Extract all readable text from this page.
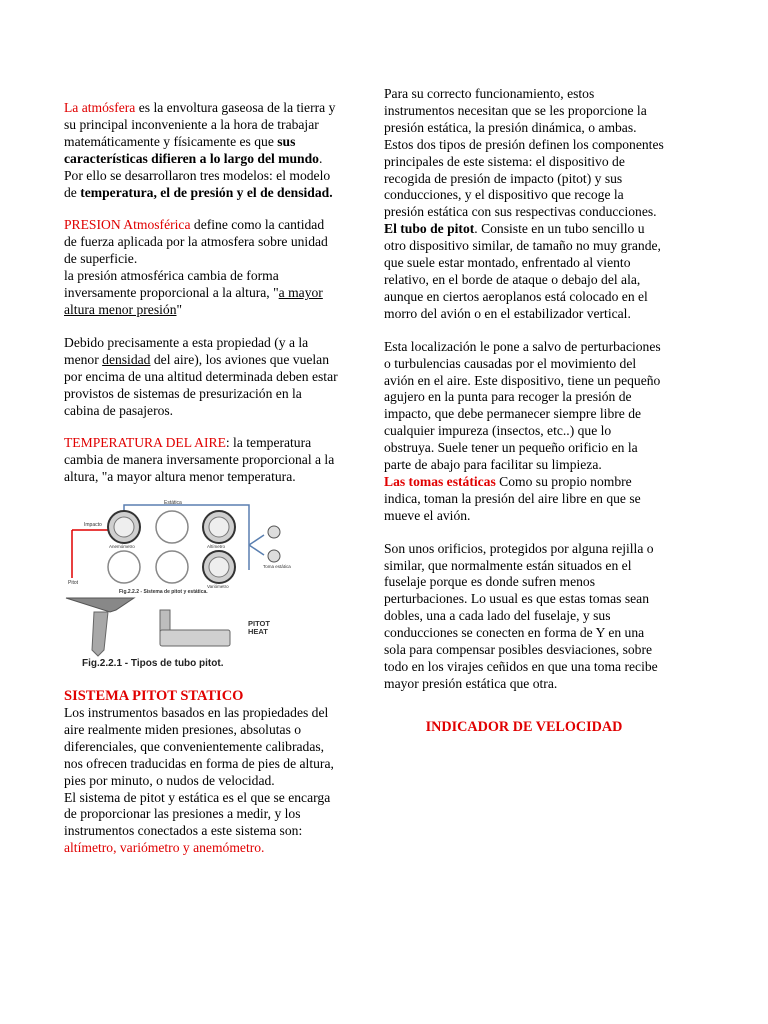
La atmósfera es la envoltura gaseosa de la tierra y su principal inconveniente a la hora de trabajar matemáticamente y físicamente es que sus características difieren a lo largo del mundo. Por ello se desarrollaron tres modelos: el modelo de temperatura, el de presión y el de densidad.

PRESION Atmosférica define como la cantidad de fuerza aplicada por la atmosfera sobre unidad de superficie.
la presión atmosférica cambia de forma inversamente proporcional a la altura, "a mayor altura menor presión"

Debido precisamente a esta propiedad (y a la menor densidad del aire), los aviones que vuelan por encima de una altitud determinada deben estar provistos de sistemas de presurización en la cabina de pasajeros.

TEMPERATURA DEL AIRE: la temperatura cambia de manera inversamente proporcional a la altura, "a mayor altura menor temperatura.

Estática
Impacto
Pitot
Anemómetro	Altímetro
Variómetro
Toma estática
Fig.2.2.2 - Sistema de pitot y estática.
PITOT
HEAT
Fig.2.2.1 - Tipos de tubo pitot.

SISTEMA PITOT STATICO

Los instrumentos basados en las propiedades del aire realmente miden presiones, absolutas o diferenciales, que convenientemente calibradas, nos ofrecen traducidas en forma de pies de altura, pies por minuto, o nudos de velocidad.

El sistema de pitot y estática es el que se encarga de proporcionar las presiones a medir, y los instrumentos conectados a este sistema son: altímetro, variómetro y anemómetro.

Para su correcto funcionamiento, estos instrumentos necesitan que se les proporcione la presión estática, la presión dinámica, o ambas.

Estos dos tipos de presión definen los componentes principales de este sistema: el dispositivo de recogida de presión de impacto (pitot) y sus conducciones, y el dispositivo que recoge la presión estática con sus respectivas conducciones.

El tubo de pitot. Consiste en un tubo sencillo u otro dispositivo similar, de tamaño no muy grande, que suele estar montado, enfrentado al viento relativo, en el borde de ataque o debajo del ala, aunque en ciertos aeroplanos está colocado en el morro del avión o en el estabilizador vertical.

Esta localización le pone a salvo de perturbaciones o turbulencias causadas por el movimiento del avión en el aire. Este dispositivo, tiene un pequeño agujero en la punta para recoger la presión de impacto, que debe permanecer siempre libre de cualquier impureza (insectos, etc..) que lo obstruya. Suele tener un pequeño orificio en la parte de abajo para facilitar su limpieza.

Las tomas estáticas Como su propio nombre indica, toman la presión del aire libre en que se mueve el avión.

Son unos orificios, protegidos por alguna rejilla o similar, que normalmente están situados en el fuselaje porque es donde sufren menos perturbaciones. Lo usual es que estas tomas sean dobles, una a cada lado del fuselaje, y sus conducciones se conecten en forma de Y en una sola para compensar posibles desviaciones, sobre todo en los virajes ceñidos en que una toma recibe mayor presión estática que otra.

INDICADOR DE VELOCIDAD
